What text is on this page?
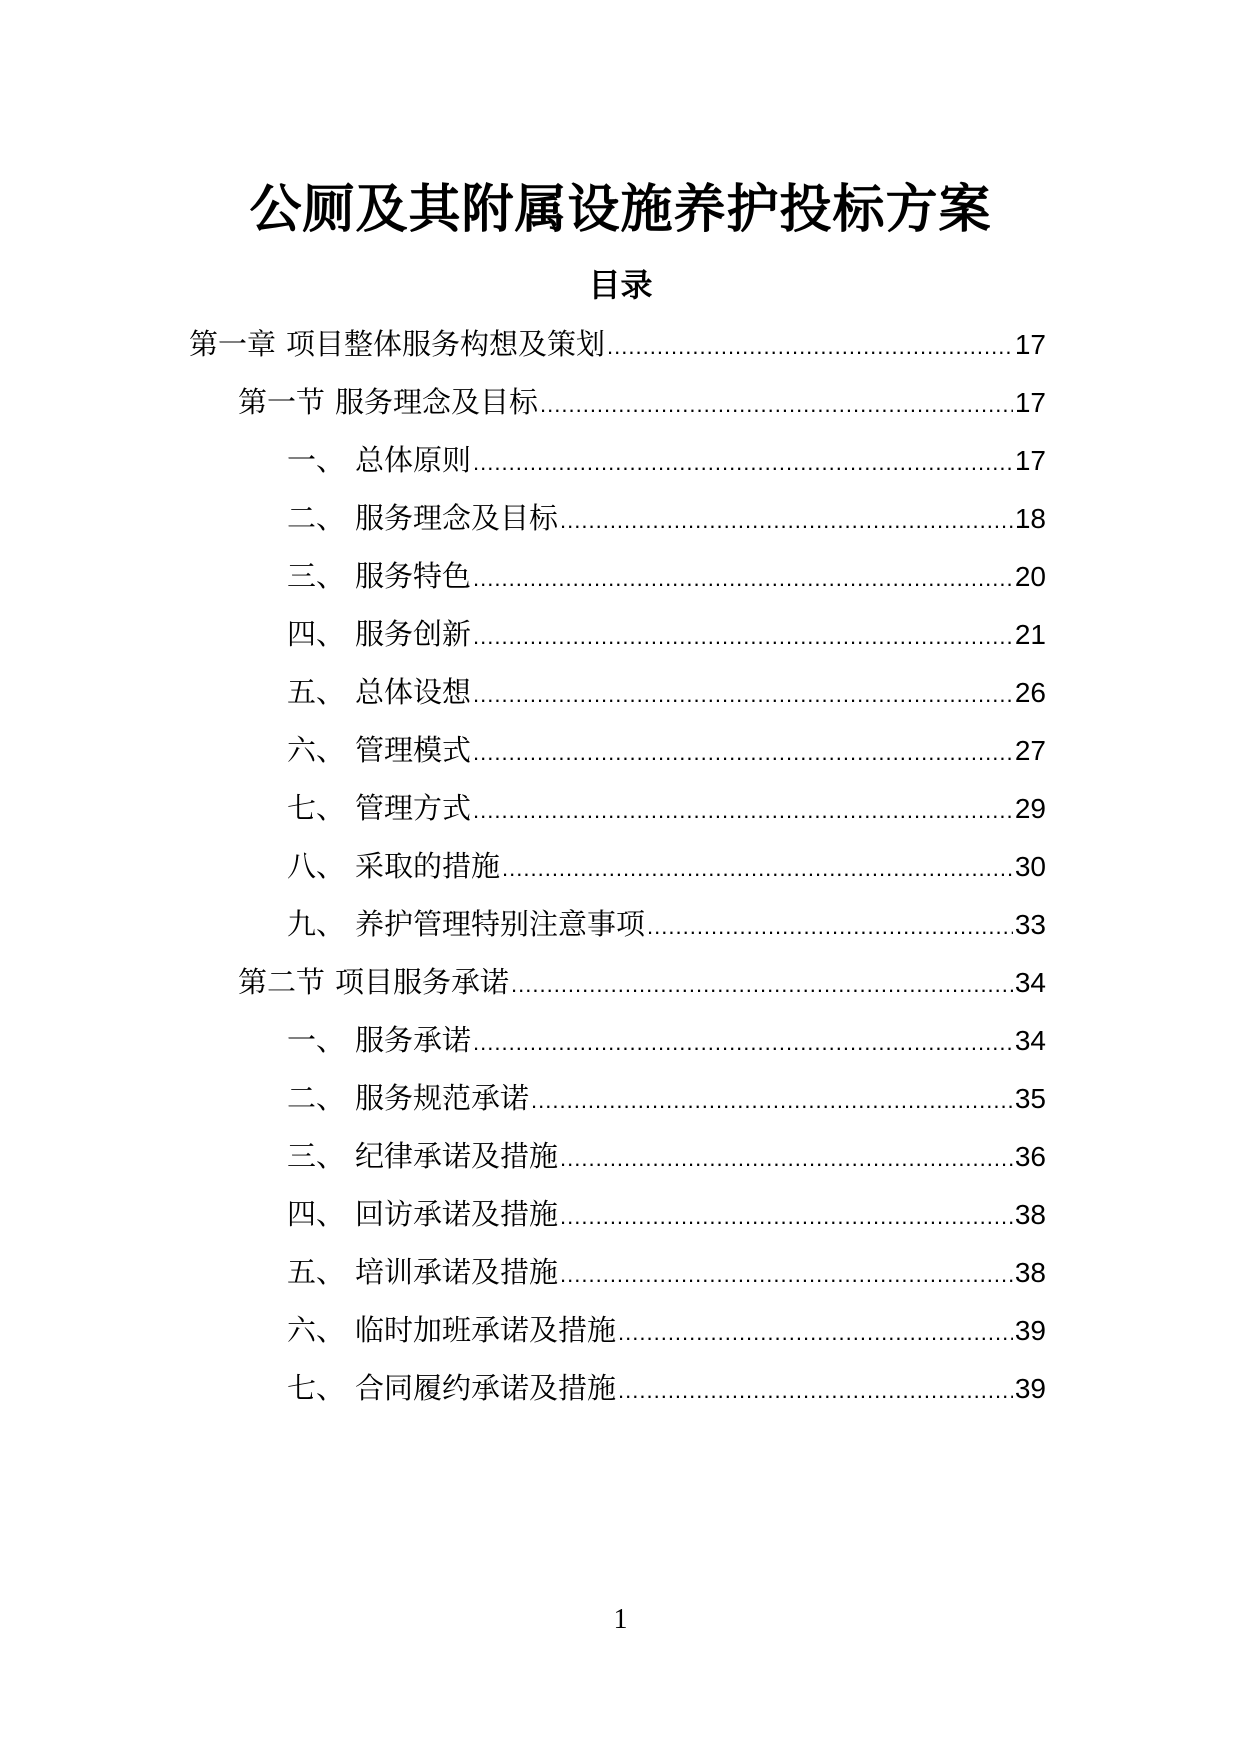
公厕及其附属设施养护投标方案
目录
第一章 项目整体服务构想及策划 .....	17
第一节 服务理念及目标 .....	17
一、 总体原则 .....	17
二、 服务理念及目标 .....	18
三、 服务特色 .....	20
四、 服务创新 .....	21
五、 总体设想 .....	26
六、 管理模式 .....	27
七、 管理方式 .....	29
八、 采取的措施 .....	30
九、 养护管理特别注意事项 .....	33
第二节 项目服务承诺 .....	34
一、 服务承诺 .....	34
二、 服务规范承诺 .....	35
三、 纪律承诺及措施 .....	36
四、 回访承诺及措施 .....	38
五、 培训承诺及措施 .....	38
六、 临时加班承诺及措施 .....	39
七、 合同履约承诺及措施 .....	39
1
